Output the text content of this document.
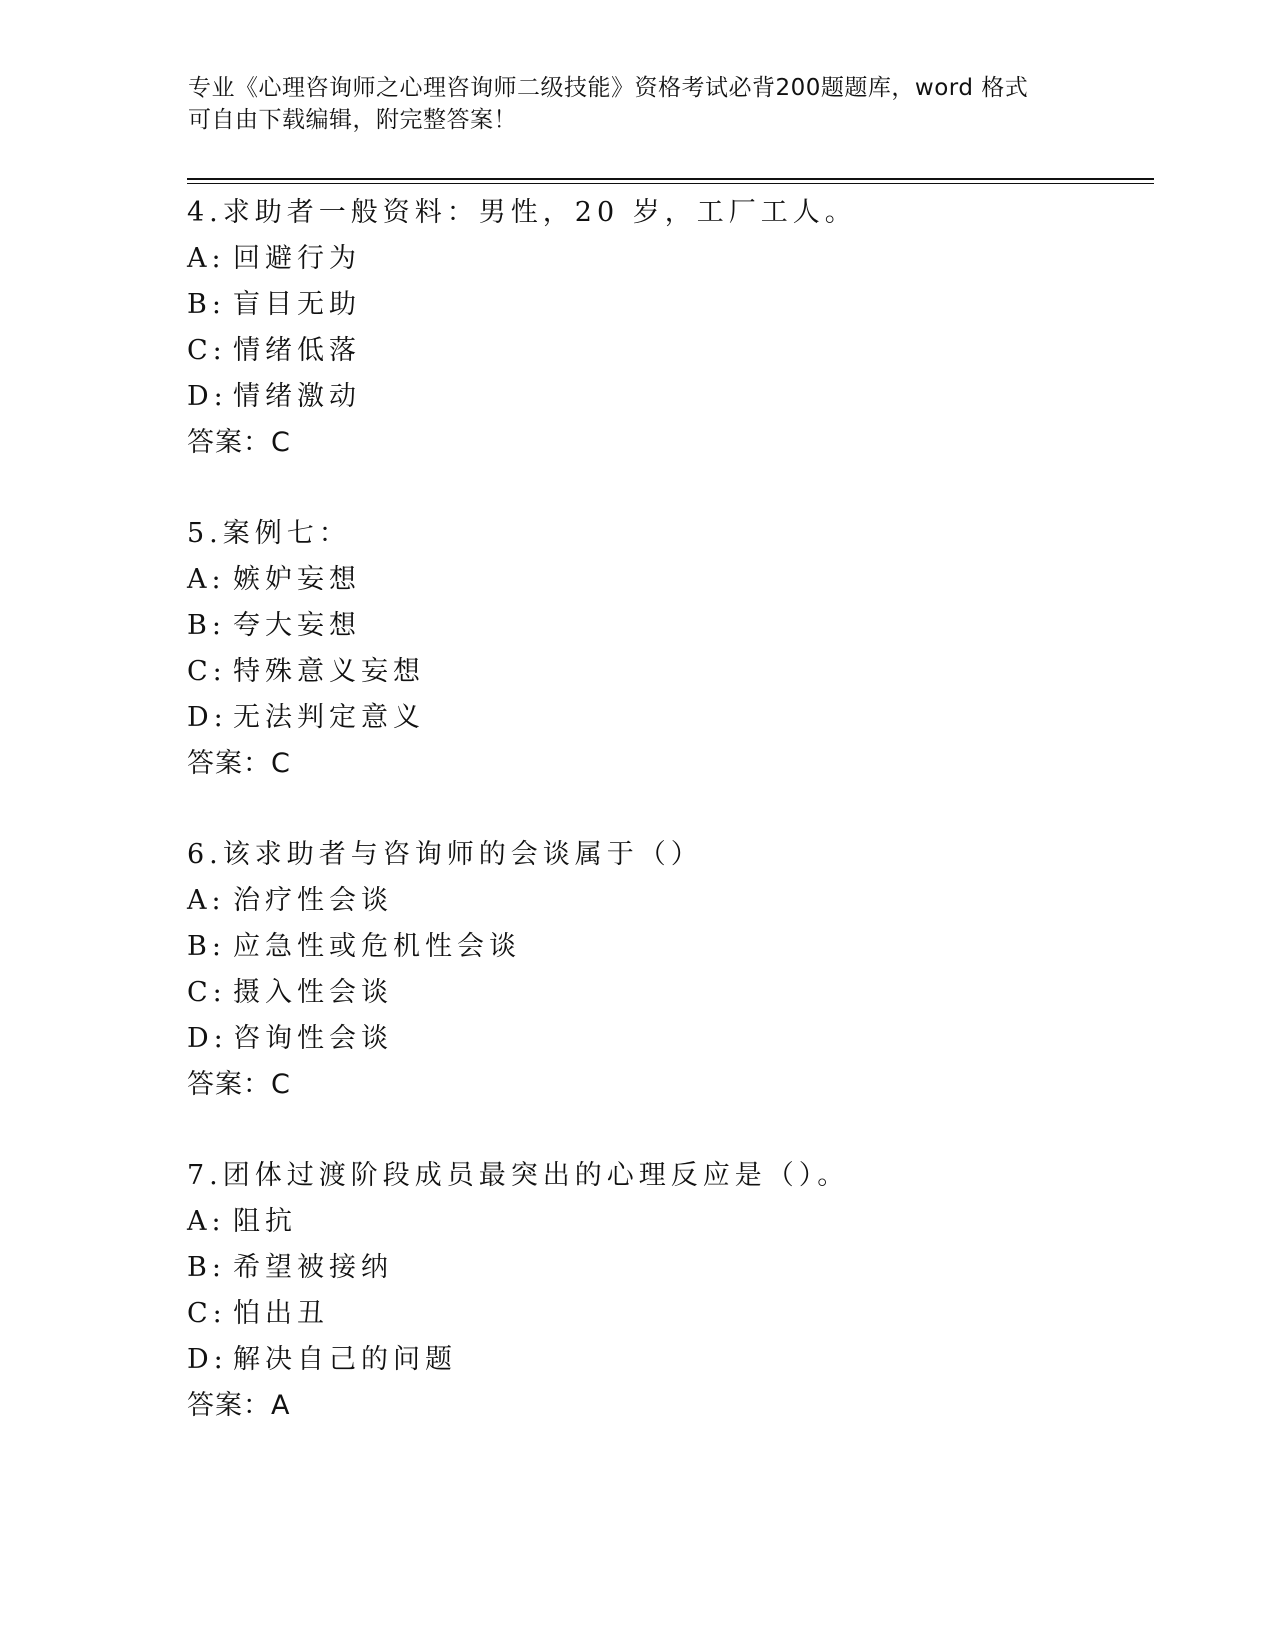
专业《心理咨询师之心理咨询师二级技能》资格考试必背200题题库，word 格式
可自由下载编辑，附完整答案！
4.求助者一般资料：男性，20 岁，工厂工人。
A: 回避行为
B: 盲目无助
C: 情绪低落
D: 情绪激动
答案：C
5.案例七：
A: 嫉妒妄想
B: 夸大妄想
C: 特殊意义妄想
D: 无法判定意义
答案：C
6.该求助者与咨询师的会谈属于（）
A: 治疗性会谈
B: 应急性或危机性会谈
C: 摄入性会谈
D: 咨询性会谈
答案：C
7.团体过渡阶段成员最突出的心理反应是（）。
A: 阻抗
B: 希望被接纳
C: 怕出丑
D: 解决自己的问题
答案：A
